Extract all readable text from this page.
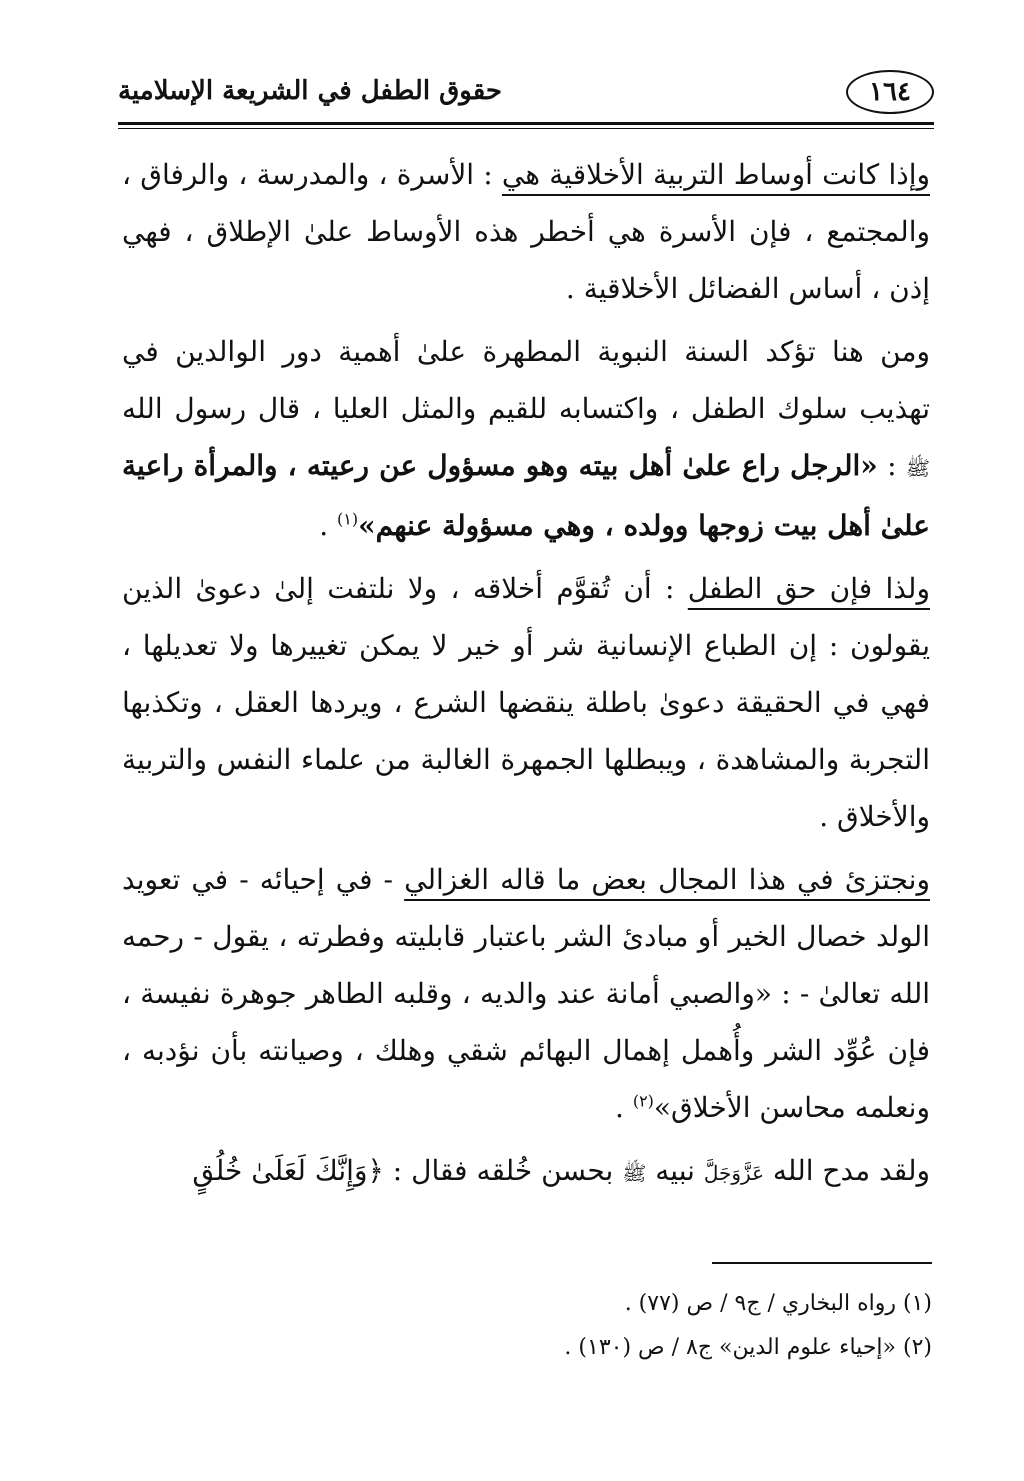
١٦٤
حقوق الطفل في الشريعة الإسلامية

وإذا كانت أوساط التربية الأخلاقية هي : الأسرة ، والمدرسة ، والرفاق ، والمجتمع ، فإن الأسرة هي أخطر هذه الأوساط علىٰ الإطلاق ، فهي إذن ، أساس الفضائل الأخلاقية .

ومن هنا تؤكد السنة النبوية المطهرة علىٰ أهمية دور الوالدين في تهذيب سلوك الطفل ، واكتسابه للقيم والمثل العليا ، قال رسول الله ﷺ : «الرجل راع علىٰ أهل بيته وهو مسؤول عن رعيته ، والمرأة راعية علىٰ أهل بيت زوجها وولده ، وهي مسؤولة عنهم»$^{(١)}$ .

ولذا فإن حق الطفل : أن تُقوَّم أخلاقه ، ولا نلتفت إلىٰ دعوىٰ الذين يقولون : إن الطباع الإنسانية شر أو خير لا يمكن تغييرها ولا تعديلها ، فهي في الحقيقة دعوىٰ باطلة ينقضها الشرع ، ويردها العقل ، وتكذبها التجربة والمشاهدة ، ويبطلها الجمهرة الغالبة من علماء النفس والتربية والأخلاق .

ونجتزئ في هذا المجال بعض ما قاله الغزالي - في إحيائه - في تعويد الولد خصال الخير أو مبادئ الشر باعتبار قابليته وفطرته ، يقول - رحمه الله تعالىٰ - : «والصبي أمانة عند والديه ، وقلبه الطاهر جوهرة نفيسة ، فإن عُوِّد الشر وأُهمل إهمال البهائم شقي وهلك ، وصيانته بأن نؤدبه ، ونعلمه محاسن الأخلاق»$^{(٢)}$ .

ولقد مدح الله عَزَّوَجَلَّ نبيه ﷺ بحسن خُلقه فقال : ﴿وَإِنَّكَ لَعَلَىٰ خُلُقٍ

(١) رواه البخاري / ج٩ / ص (٧٧) .

(٢) «إحياء علوم الدين» ج٨ / ص (١٣٠) .
